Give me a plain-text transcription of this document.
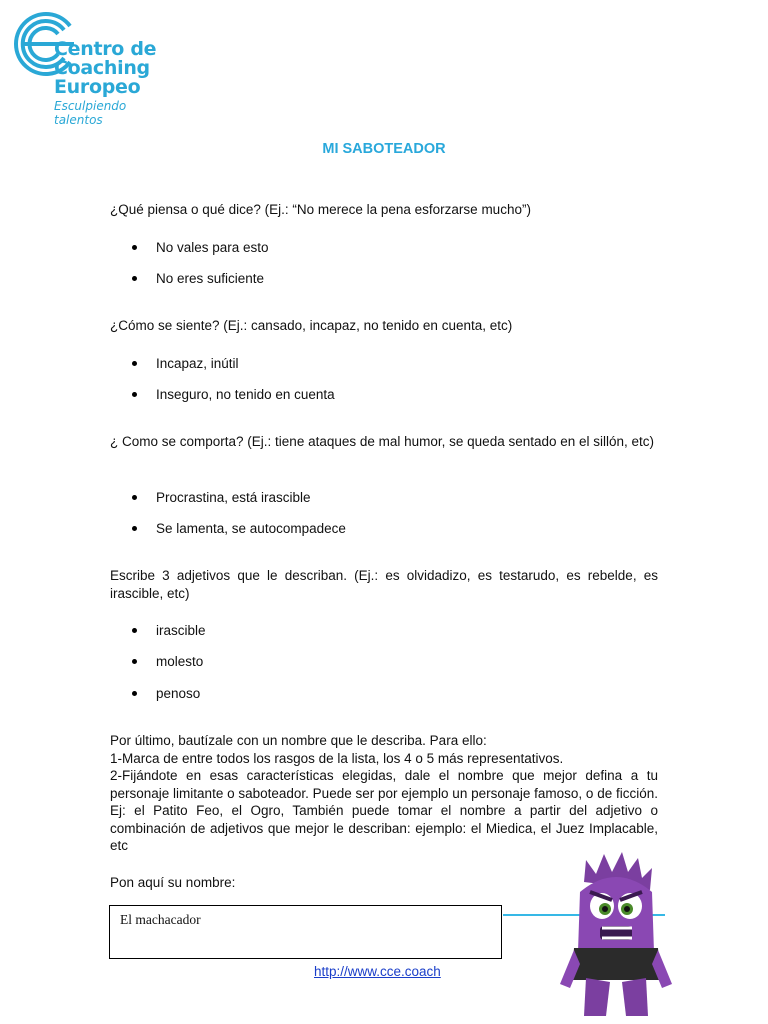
Centro de
Coaching
Europeo
Esculpiendo talentos
MI SABOTEADOR
¿Qué piensa o qué dice? (Ej.: “No merece la pena esforzarse mucho”)
No vales para esto
No eres suficiente
¿Cómo se siente? (Ej.: cansado, incapaz, no tenido en cuenta, etc)
Incapaz, inútil
Inseguro, no tenido en cuenta
¿ Como se comporta? (Ej.: tiene ataques de mal humor, se queda sentado en el sillón, etc)
Procrastina, está irascible
Se lamenta, se autocompadece
Escribe 3 adjetivos que le describan. (Ej.: es olvidadizo, es testarudo, es rebelde, es irascible, etc)
irascible
molesto
penoso
Por último, bautízale con un nombre que le describa. Para ello:
1-Marca de entre todos los rasgos de la lista, los 4 o 5 más representativos.
2-Fijándote en esas características elegidas, dale el nombre que mejor defina a tu personaje limitante o saboteador. Puede ser por ejemplo un personaje famoso, o de ficción. Ej: el Patito Feo, el Ogro, También puede tomar el nombre a partir del adjetivo o combinación de adjetivos que mejor le describan: ejemplo: el Miedica, el Juez Implacable, etc
Pon aquí su nombre:
El machacador
http://www.cce.coach
